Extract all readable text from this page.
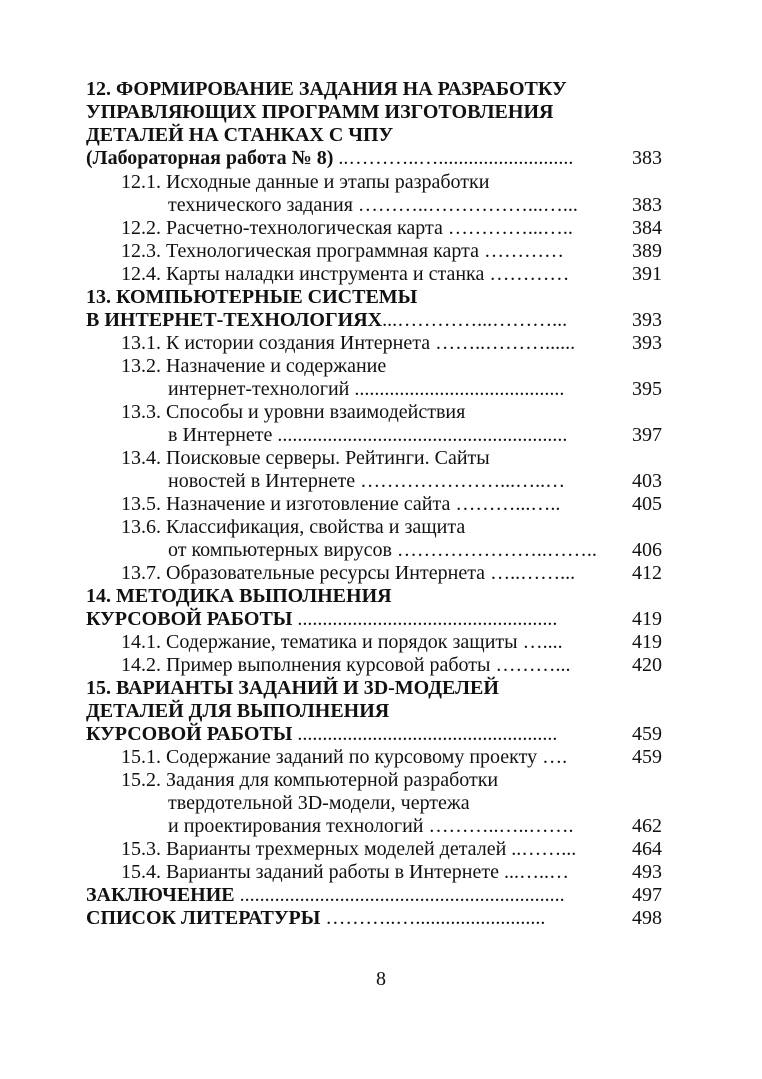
12. ФОРМИРОВАНИЕ ЗАДАНИЯ НА РАЗРАБОТКУ
УПРАВЛЯЮЩИХ ПРОГРАММ ИЗГОТОВЛЕНИЯ
ДЕТАЛЕЙ НА СТАНКАХ С ЧПУ
(Лабораторная работа № 8) ..………..…...........................	383
12.1. Исходные данные и этапы разработки
технического задания ………..……………...…...	383
12.2. Расчетно-технологическая карта …………...…..	384
12.3. Технологическая программная карта …………	389
12.4. Карты наладки инструмента и станка …………	391
13. КОМПЬЮТЕРНЫЕ СИСТЕМЫ
В ИНТЕРНЕТ-ТЕХНОЛОГИЯХ...…………...………...	393
13.1. К истории создания Интернета ……..………......	393
13.2. Назначение и содержание
интернет-технологий ..........................................	395
13.3. Способы и уровни взаимодействия
в Интернете ..........................................................	397
13.4. Поисковые серверы. Рейтинги. Сайты
новостей в Интернете …………………...…..…	403
13.5. Назначение и изготовление сайта ………...…..	405
13.6. Классификация, свойства и защита
от компьютерных вирусов …………………..……..	406
13.7. Образовательные ресурсы Интернета …..……...	412
14. МЕТОДИКА ВЫПОЛНЕНИЯ
КУРСОВОЙ РАБОТЫ ....................................................	419
14.1. Содержание, тематика и порядок защиты …....	419
14.2. Пример выполнения курсовой работы ………...	420
15. ВАРИАНТЫ ЗАДАНИЙ И 3D-МОДЕЛЕЙ
ДЕТАЛЕЙ ДЛЯ ВЫПОЛНЕНИЯ
КУРСОВОЙ РАБОТЫ ....................................................	459
15.1. Содержание заданий по курсовому проекту ….	459
15.2. Задания для компьютерной разработки
твердотельной 3D-модели, чертежа
и проектирования технологий ………..…..…….	462
15.3. Варианты трехмерных моделей деталей ..……...	464
15.4. Варианты заданий работы в Интернете ...…..…	493
ЗАКЛЮЧЕНИЕ .................................................................	497
СПИСОК ЛИТЕРАТУРЫ ………..…..........................	498
8
